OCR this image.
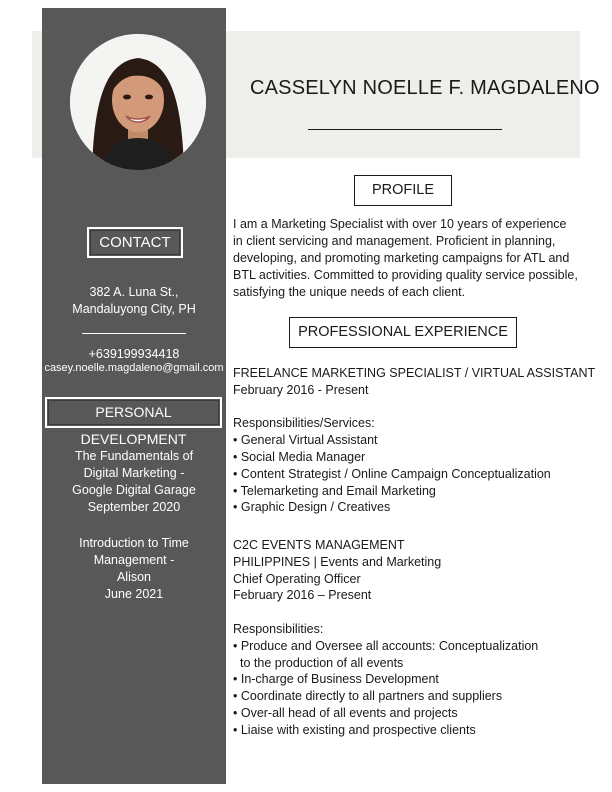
CONTACT
382 A. Luna St.,
Mandaluyong City, PH
+639199934418
casey.noelle.magdaleno@gmail.com
PERSONAL DEVELOPMENT
The Fundamentals of
Digital Marketing -
Google Digital Garage
September 2020
Introduction to Time
Management -
Alison
June 2021
CASSELYN NOELLE F. MAGDALENO
PROFILE
I am a Marketing Specialist with over 10 years of experience in client servicing and management. Proficient in planning, developing, and promoting marketing campaigns for ATL and BTL activities. Committed to providing quality service possible, satisfying the unique needs of each client.
PROFESSIONAL EXPERIENCE
FREELANCE MARKETING SPECIALIST / VIRTUAL ASSISTANT
February 2016 - Present
Responsibilities/Services:
• General Virtual Assistant
• Social Media Manager
• Content Strategist / Online Campaign Conceptualization
• Telemarketing and Email Marketing
• Graphic Design / Creatives
C2C EVENTS MANAGEMENT
PHILIPPINES | Events and Marketing
Chief Operating Officer
February 2016 – Present
Responsibilities:
• Produce and Oversee all accounts: Conceptualization
to the production of all events
• In-charge of Business Development
• Coordinate directly to all partners and suppliers
• Over-all head of all events and projects
• Liaise with existing and prospective clients
